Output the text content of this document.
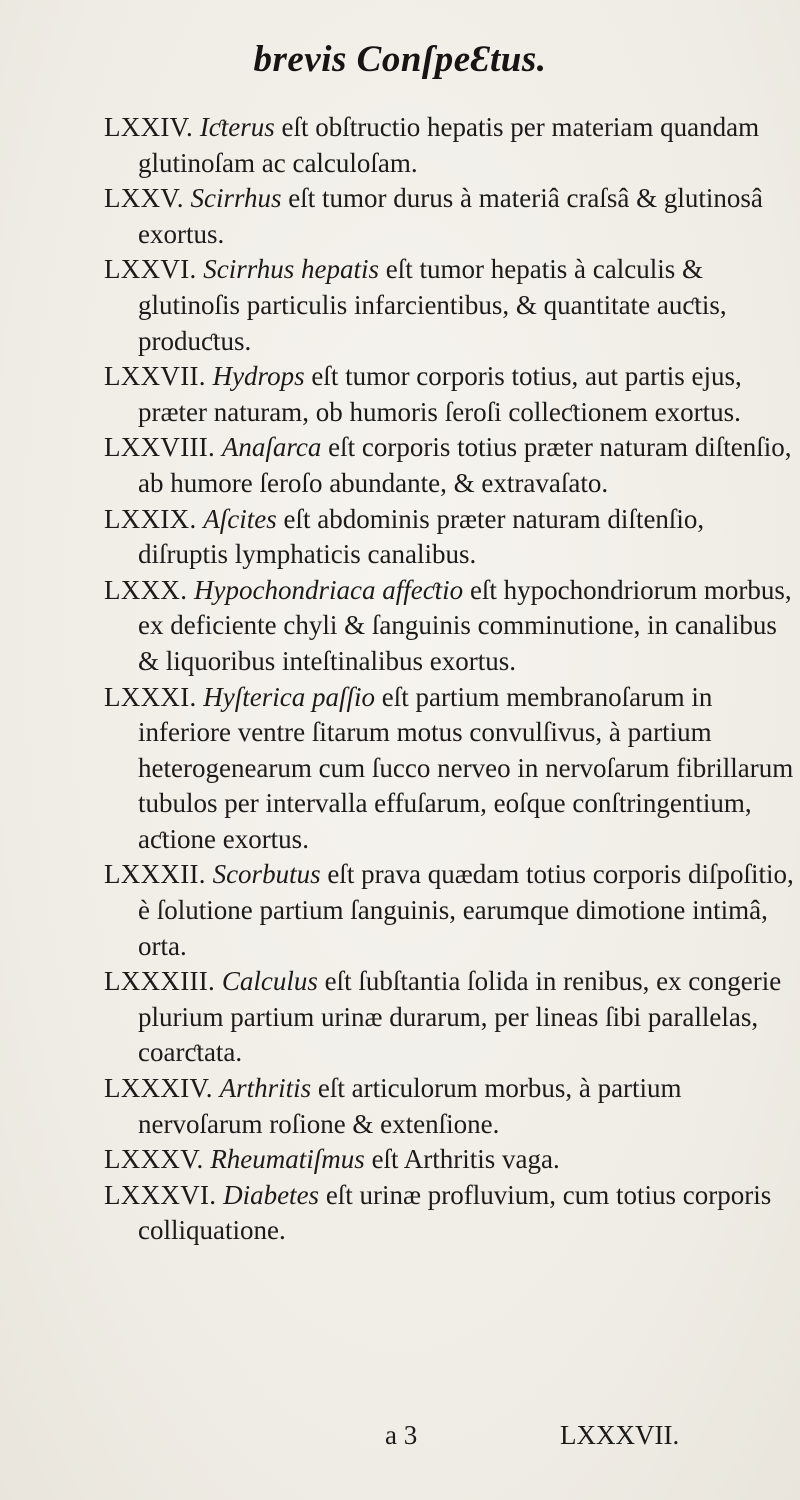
brevis ConſpeƐtus.

LXXIV. Iƈterus eſt obſtructio hepatis per materiam quandam glutinoſam ac calculoſam.

LXXV. Scirrhus eſt tumor durus à materiâ craſsâ & glutinosâ exortus.

LXXVI. Scirrhus hepatis eſt tumor hepatis à calculis & glutinoſis particulis infarcientibus, & quantitate auƈtis, produƈtus.

LXXVII. Hydrops eſt tumor corporis totius, aut partis ejus, præter naturam, ob humoris ſeroſi colleƈtionem exortus.

LXXVIII. Anaſarca eſt corporis totius præter naturam diſtenſio, ab humore ſeroſo abundante, & extravaſato.

LXXIX. Aſcites eſt abdominis præter naturam diſtenſio, diſruptis lymphaticis canalibus.

LXXX. Hypochondriaca affeƈtio eſt hypochondriorum morbus, ex deficiente chyli & ſanguinis comminutione, in canalibus & liquoribus inteſtinalibus exortus.

LXXXI. Hyſterica paſſio eſt partium membranoſarum in inferiore ventre ſitarum motus convulſivus, à partium heterogenearum cum ſucco nerveo in nervoſarum fibrillarum tubulos per intervalla effuſarum, eoſque conſtringentium, aƈtione exortus.

LXXXII. Scorbutus eſt prava quædam totius corporis diſpoſitio, è ſolutione partium ſanguinis, earumque dimotione intimâ, orta.

LXXXIII. Calculus eſt ſubſtantia ſolida in renibus, ex congerie plurium partium urinæ durarum, per lineas ſibi parallelas, coarƈtata.

LXXXIV. Arthritis eſt articulorum morbus, à partium nervoſarum roſione & extenſione.

LXXXV. Rheumatiſmus eſt Arthritis vaga.

LXXXVI. Diabetes eſt urinæ profluvium, cum totius corporis colliquatione.

a 3	LXXXVII.
